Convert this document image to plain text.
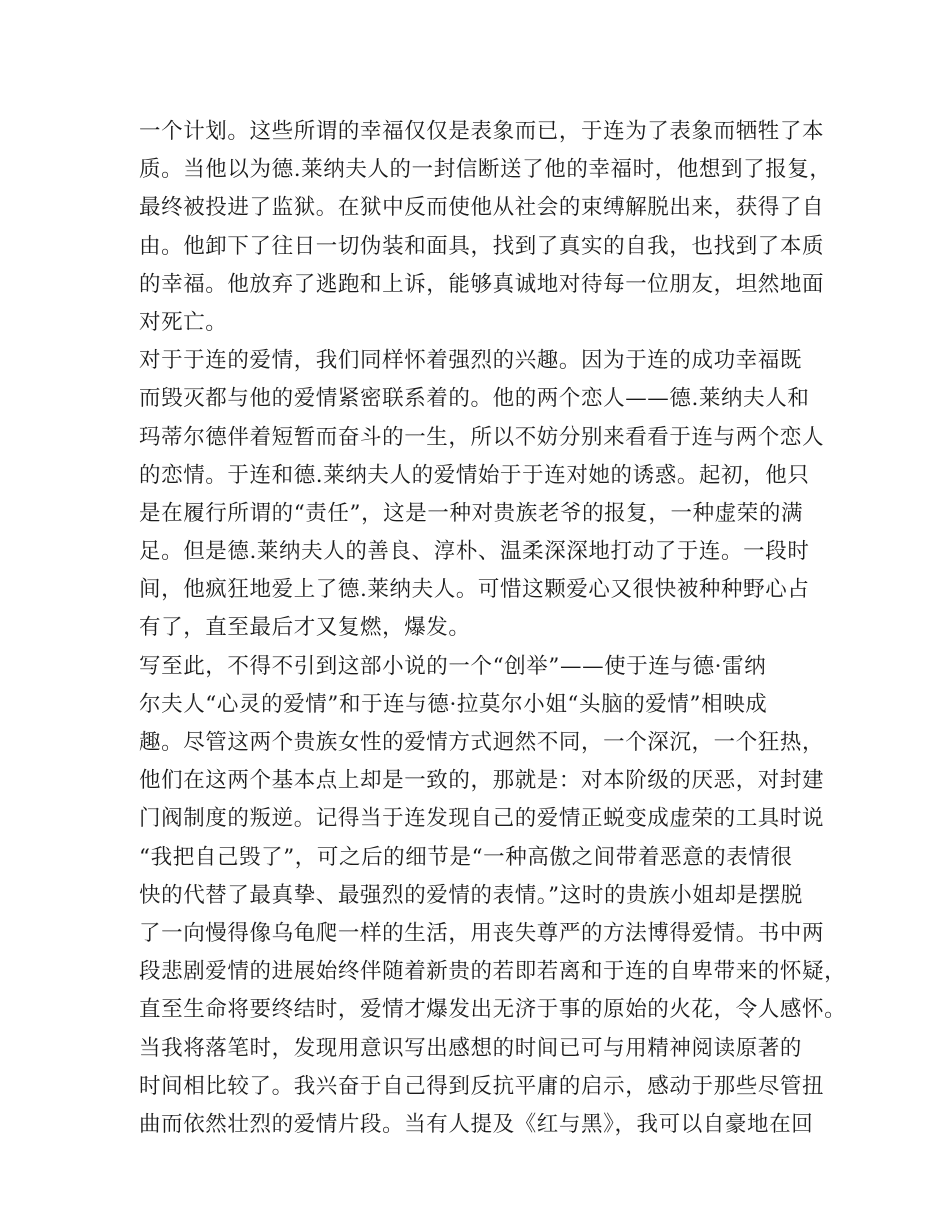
一个计划。这些所谓的幸福仅仅是表象而已，于连为了表象而牺牲了本
质。当他以为德.莱纳夫人的一封信断送了他的幸福时，他想到了报复，
最终被投进了监狱。在狱中反而使他从社会的束缚解脱出来，获得了自
由。他卸下了往日一切伪装和面具，找到了真实的自我，也找到了本质
的幸福。他放弃了逃跑和上诉，能够真诚地对待每一位朋友，坦然地面
对死亡。
对于于连的爱情，我们同样怀着强烈的兴趣。因为于连的成功幸福既
而毁灭都与他的爱情紧密联系着的。他的两个恋人——德.莱纳夫人和
玛蒂尔德伴着短暂而奋斗的一生，所以不妨分别来看看于连与两个恋人
的恋情。于连和德.莱纳夫人的爱情始于于连对她的诱惑。起初，他只
是在履行所谓的“责任”，这是一种对贵族老爷的报复，一种虚荣的满
足。但是德.莱纳夫人的善良、淳朴、温柔深深地打动了于连。一段时
间，他疯狂地爱上了德.莱纳夫人。可惜这颗爱心又很快被种种野心占
有了，直至最后才又复燃，爆发。
写至此，不得不引到这部小说的一个“创举”——使于连与德·雷纳
尔夫人“心灵的爱情”和于连与德·拉莫尔小姐“头脑的爱情”相映成
趣。尽管这两个贵族女性的爱情方式迥然不同，一个深沉，一个狂热，
他们在这两个基本点上却是一致的，那就是：对本阶级的厌恶，对封建
门阀制度的叛逆。记得当于连发现自己的爱情正蜕变成虚荣的工具时说
“我把自己毁了”，可之后的细节是“一种高傲之间带着恶意的表情很
快的代替了最真挚、最强烈的爱情的表情。”这时的贵族小姐却是摆脱
了一向慢得像乌龟爬一样的生活，用丧失尊严的方法博得爱情。书中两
段悲剧爱情的进展始终伴随着新贵的若即若离和于连的自卑带来的怀疑，
直至生命将要终结时，爱情才爆发出无济于事的原始的火花，令人感怀。
当我将落笔时，发现用意识写出感想的时间已可与用精神阅读原著的
时间相比较了。我兴奋于自己得到反抗平庸的启示，感动于那些尽管扭
曲而依然壮烈的爱情片段。当有人提及《红与黑》，我可以自豪地在回
